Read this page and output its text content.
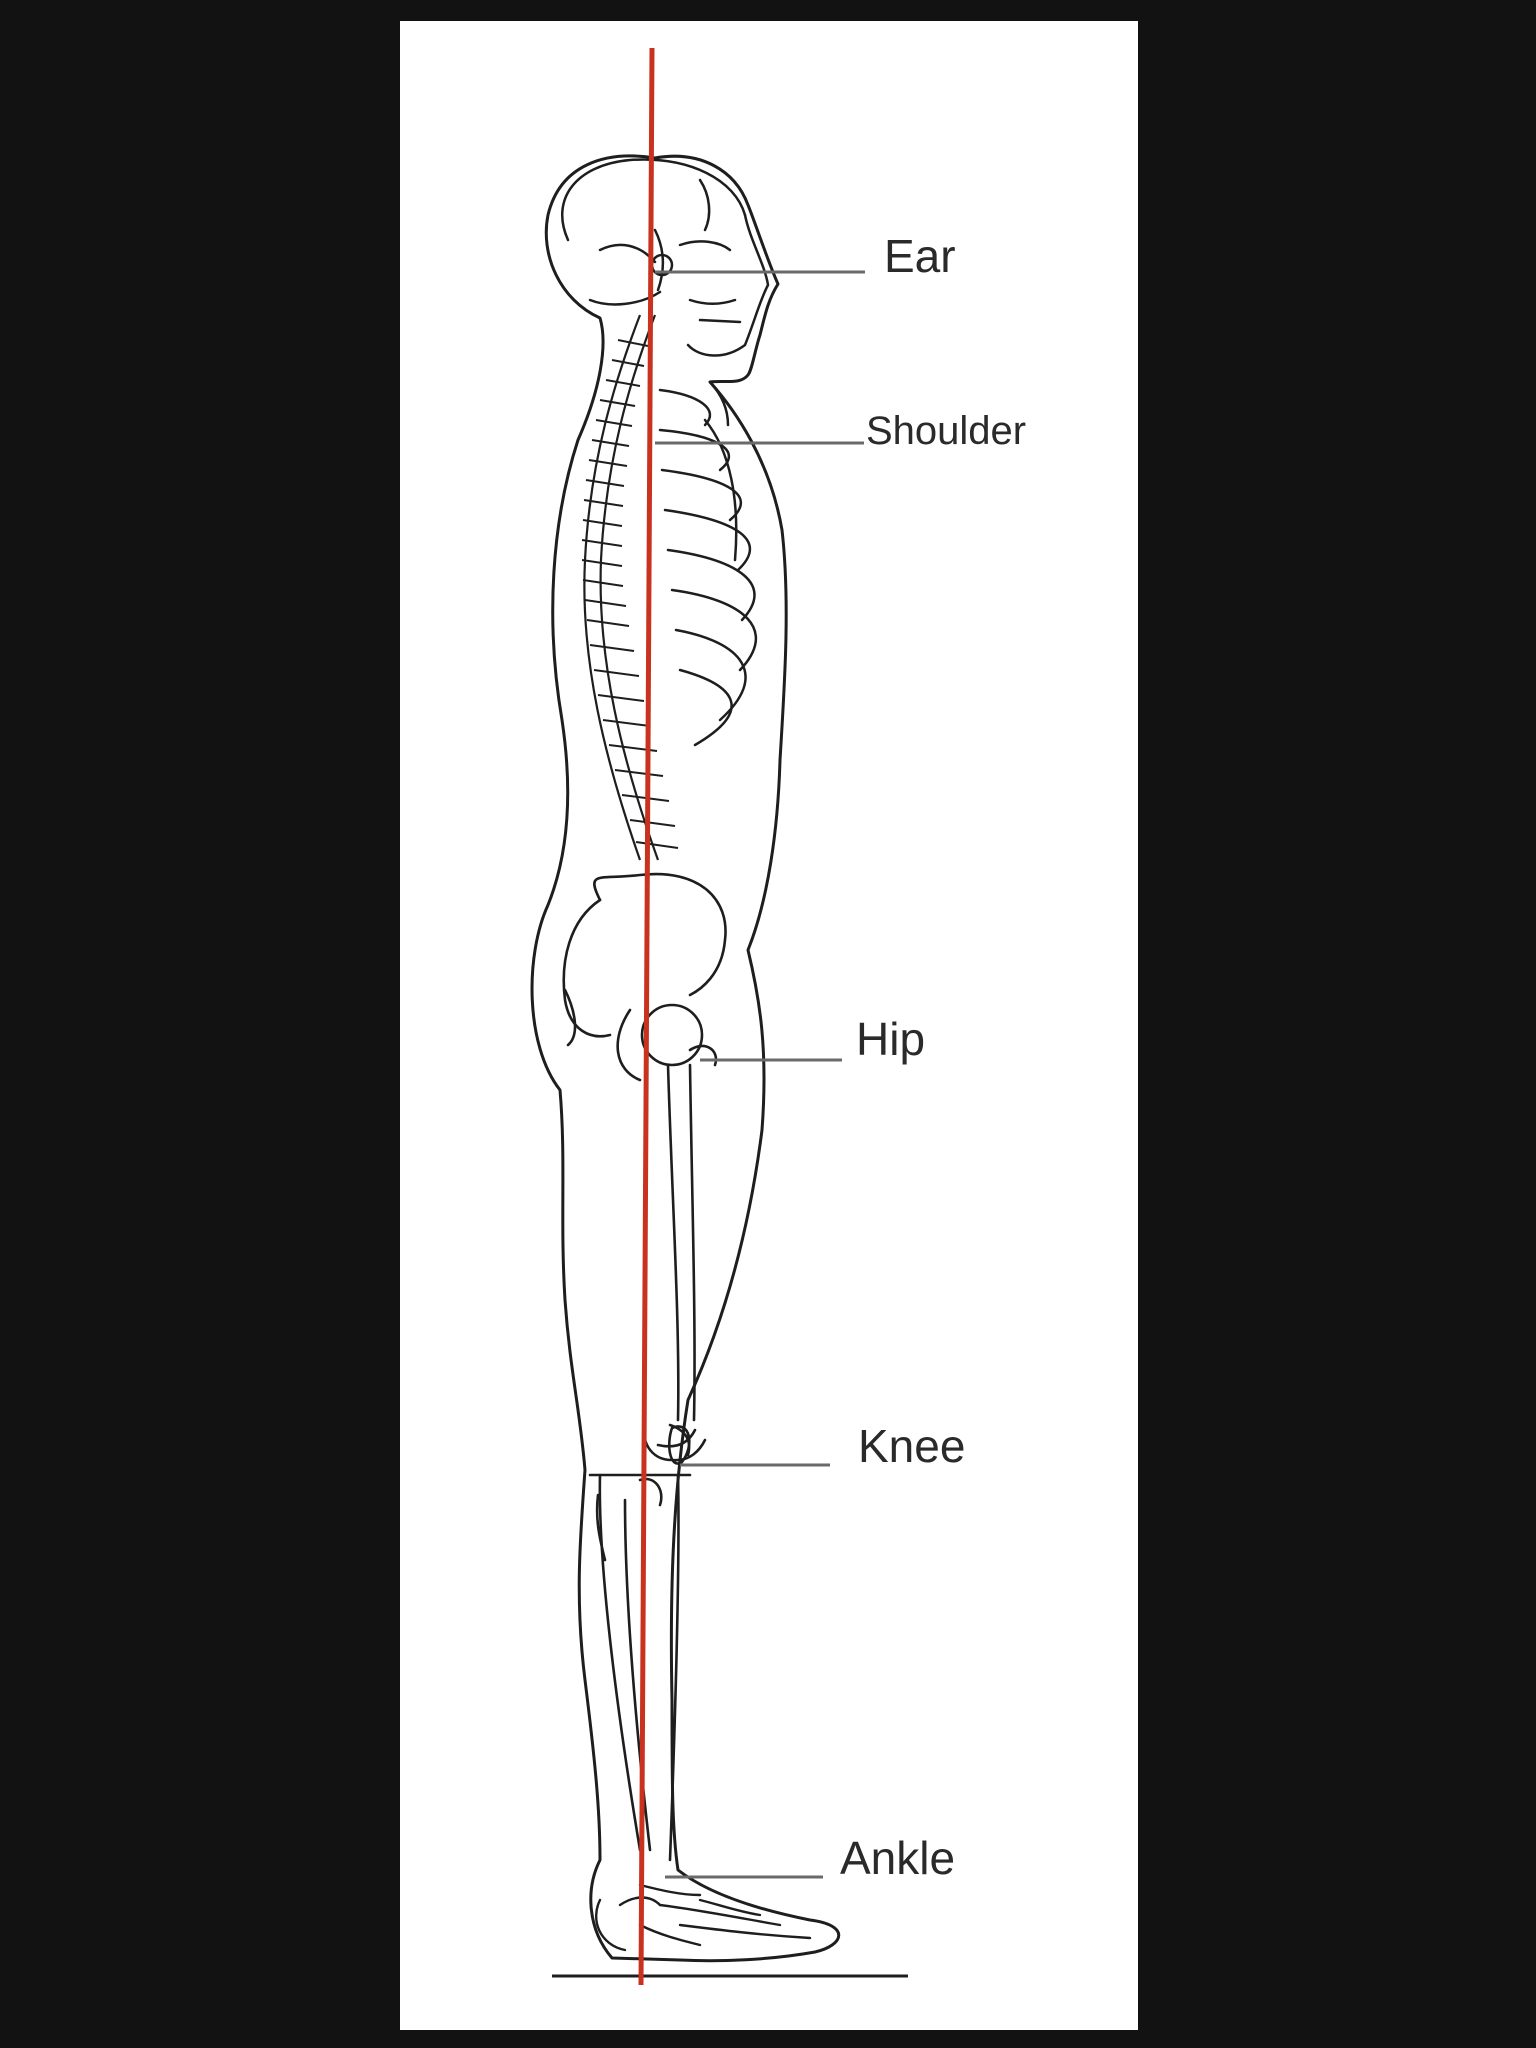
Ear
Shoulder
Hip
Knee
Ankle
